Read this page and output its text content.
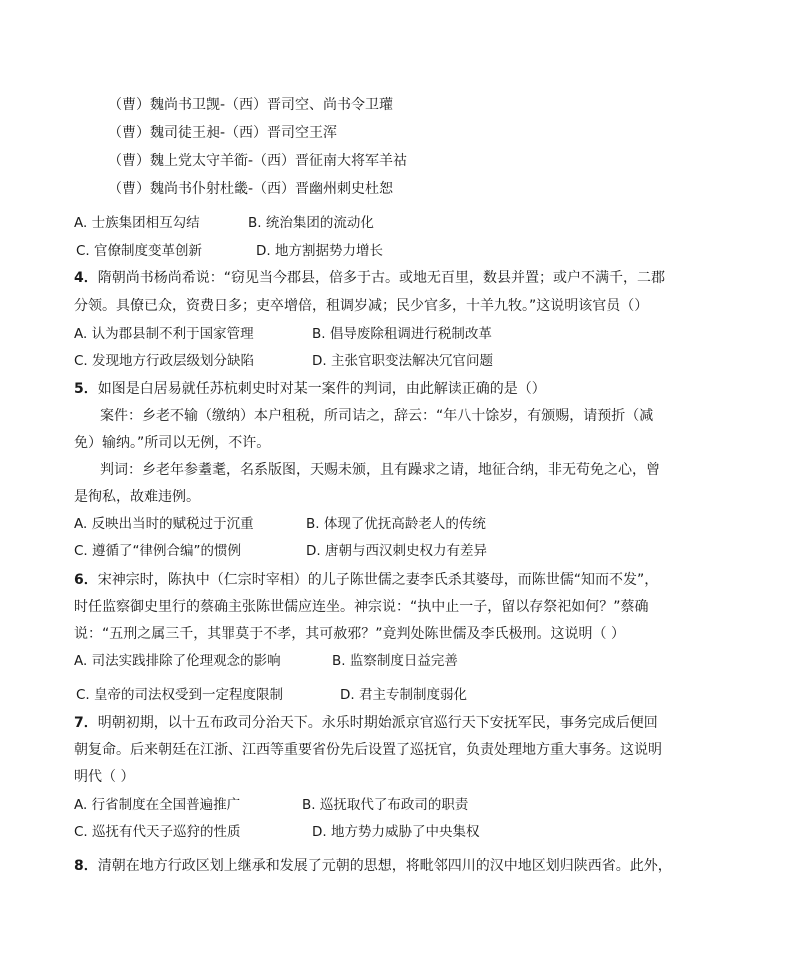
（曹）魏尚书卫觊-（西）晋司空、尚书令卫瓘
（曹）魏司徒王昶-（西）晋司空王浑
（曹）魏上党太守羊衜-（西）晋征南大将军羊祜
（曹）魏尚书仆射杜畿-（西）晋幽州刺史杜恕
A. 士族集团相互勾结	B. 统治集团的流动化
C. 官僚制度变革创新	D. 地方割据势力增长
4．隋朝尚书杨尚希说：“窃见当今郡县，倍多于古。或地无百里，数县并置；或户不满千，二郡
分领。具僚已众，资费日多；吏卒增倍，租调岁减；民少官多，十羊九牧。”这说明该官员（）
A. 认为郡县制不利于国家管理	B. 倡导废除租调进行税制改革
C. 发现地方行政层级划分缺陷	D. 主张官职变法解决冗官问题
5．如图是白居易就任苏杭刺史时对某一案件的判词，由此解读正确的是（）
案件：乡老不输（缴纳）本户租税，所司诘之，辞云：“年八十馀岁，有颁赐，请预折（减
免）输纳。”所司以无例，不许。
判词：乡老年参耋耄，名系版图，天赐未颁，且有躁求之请，地征合纳，非无苟免之心，曾
是徇私，故难违例。
A. 反映出当时的赋税过于沉重	B. 体现了优抚高龄老人的传统
C. 遵循了“律例合编”的惯例	D. 唐朝与西汉刺史权力有差异
6．宋神宗时，陈执中（仁宗时宰相）的儿子陈世儒之妻李氏杀其婆母，而陈世儒“知而不发”，
时任监察御史里行的蔡确主张陈世儒应连坐。神宗说：“执中止一子，留以存祭祀如何？”蔡确
说：“五刑之属三千，其罪莫于不孝，其可赦邪？”竟判处陈世儒及李氏极刑。这说明（ ）
A. 司法实践排除了伦理观念的影响	B. 监察制度日益完善
C. 皇帝的司法权受到一定程度限制	D. 君主专制制度弱化
7．明朝初期，以十五布政司分治天下。永乐时期始派京官巡行天下安抚军民，事务完成后便回
朝复命。后来朝廷在江浙、江西等重要省份先后设置了巡抚官，负责处理地方重大事务。这说明
明代（ ）
A. 行省制度在全国普遍推广	B. 巡抚取代了布政司的职责
C. 巡抚有代天子巡狩的性质	D. 地方势力威胁了中央集权
8．清朝在地方行政区划上继承和发展了元朝的思想，将毗邻四川的汉中地区划归陕西省。此外，
